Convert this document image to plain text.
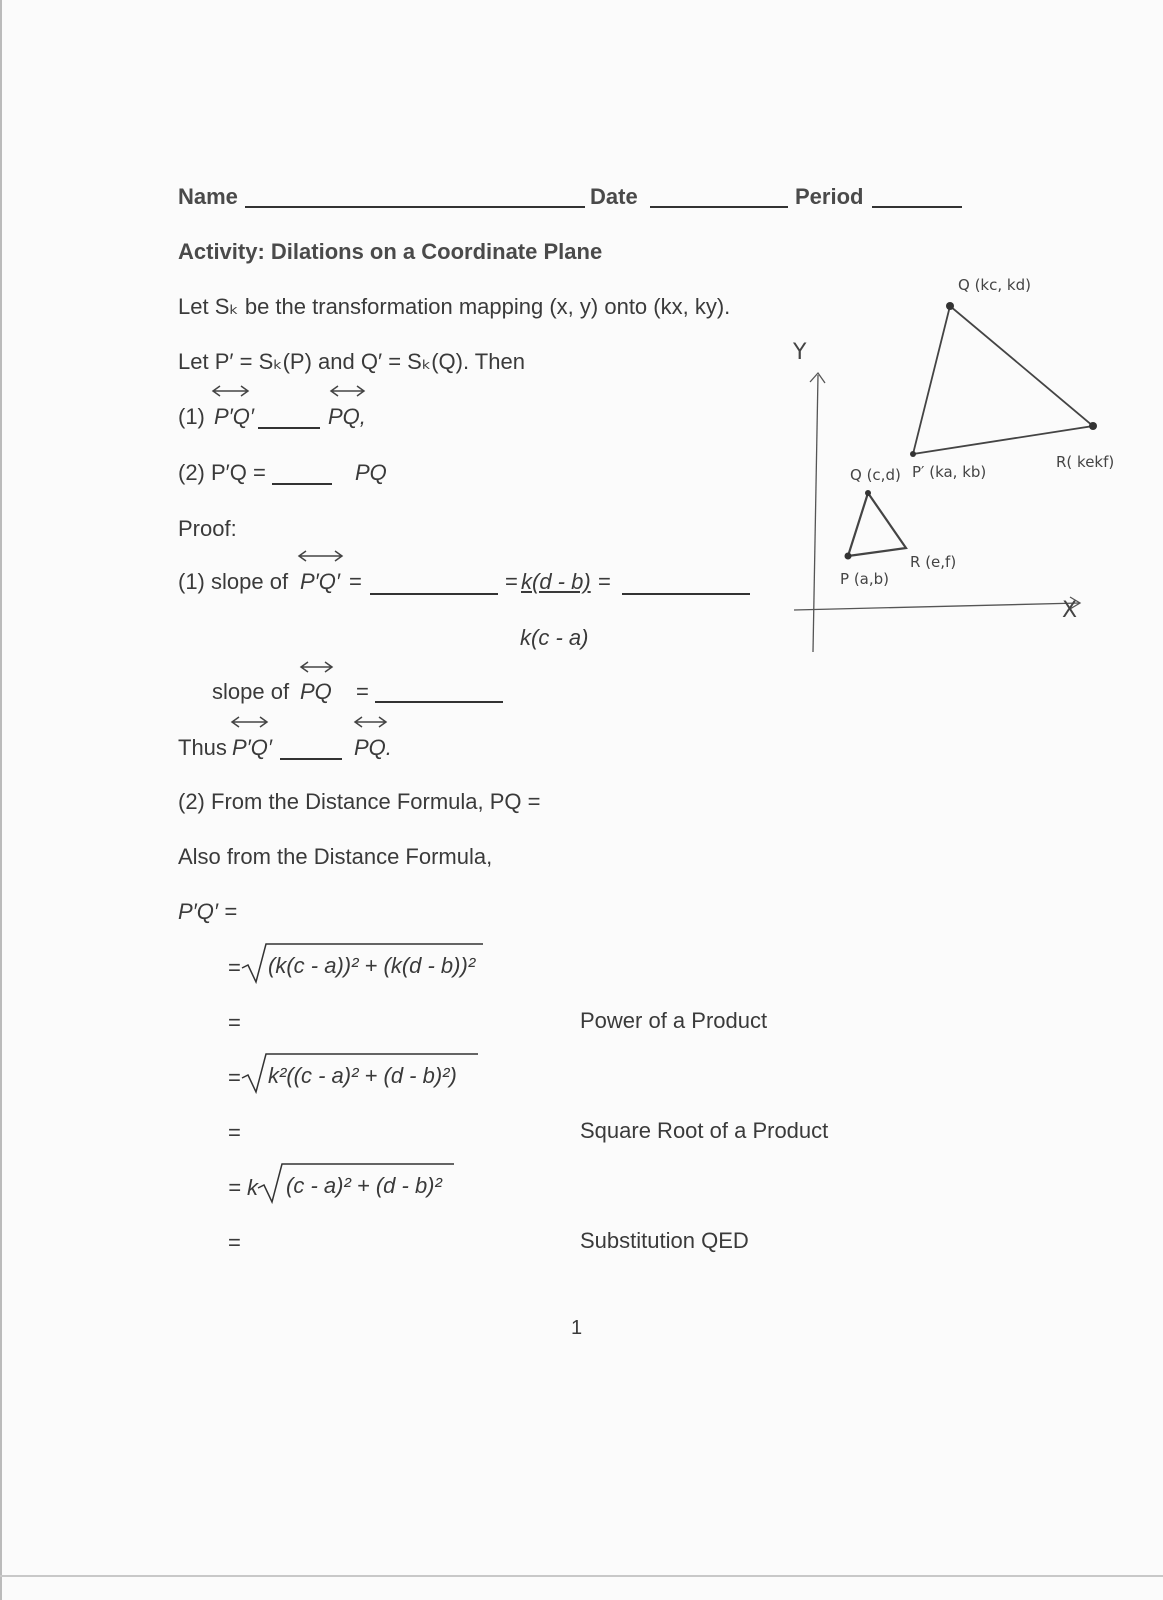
Name	Date	Period
Activity: Dilations on a Coordinate Plane
Let Sₖ be the transformation mapping (x, y) onto (kx, ky).
Let P′ = Sₖ(P) and Q′ = Sₖ(Q). Then
(1) P′Q′	PQ,
(2) P′Q =	PQ
Proof:
(1) slope of P′Q′ =	= k(d - b) =
k(c - a)
slope of PQ =
Thus P′Q′	PQ.
(2) From the Distance Formula, PQ =
Also from the Distance Formula,
P′Q′ =
= (k(c - a))² + (k(d - b))²
=	Power of a Product
= k²((c - a)² + (d - b)²)
=	Square Root of a Product
= k (c - a)² + (d - b)²
=	Substitution QED
1
Y
X
Q (kc, kd)
P′ (ka, kb)
R( kekf)
Q (c,d)
P (a,b)
R (e,f)
